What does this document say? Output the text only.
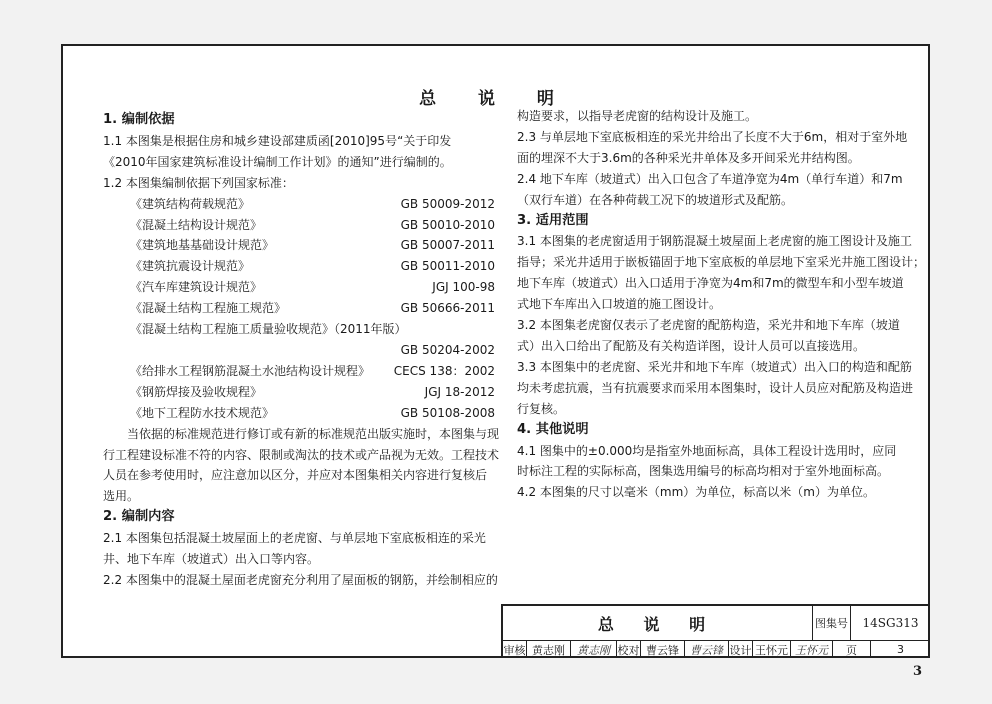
总 说 明
1. 编制依据
1.1 本图集是根据住房和城乡建设部建质函[2010]95号“关于印发
《2010年国家建筑标准设计编制工作计划》的通知”进行编制的。
1.2 本图集编制依据下列国家标准：
《建筑结构荷载规范》	GB 50009-2012
《混凝土结构设计规范》	GB 50010-2010
《建筑地基基础设计规范》	GB 50007-2011
《建筑抗震设计规范》	GB 50011-2010
《汽车库建筑设计规范》	JGJ 100-98
《混凝土结构工程施工规范》	GB 50666-2011
《混凝土结构工程施工质量验收规范》（2011年版）
GB 50204-2002
《给排水工程钢筋混凝土水池结构设计规程》 CECS 138：2002
《钢筋焊接及验收规程》	JGJ 18-2012
《地下工程防水技术规范》	GB 50108-2008
当依据的标准规范进行修订或有新的标准规范出版实施时，本图集与现
行工程建设标准不符的内容、限制或淘汰的技术或产品视为无效。工程技术
人员在参考使用时，应注意加以区分，并应对本图集相关内容进行复核后
选用。
2. 编制内容
2.1 本图集包括混凝土坡屋面上的老虎窗、与单层地下室底板相连的采光
井、地下车库（坡道式）出入口等内容。
2.2 本图集中的混凝土屋面老虎窗充分利用了屋面板的钢筋，并绘制相应的
构造要求，以指导老虎窗的结构设计及施工。
2.3 与单层地下室底板相连的采光井给出了长度不大于6m，相对于室外地
面的埋深不大于3.6m的各种采光井单体及多开间采光井结构图。
2.4 地下车库（坡道式）出入口包含了车道净宽为4m（单行车道）和7m
（双行车道）在各种荷载工况下的坡道形式及配筋。
3. 适用范围
3.1 本图集的老虎窗适用于钢筋混凝土坡屋面上老虎窗的施工图设计及施工
指导；采光井适用于嵌板锚固于地下室底板的单层地下室采光井施工图设计；
地下车库（坡道式）出入口适用于净宽为4m和7m的微型车和小型车坡道
式地下车库出入口坡道的施工图设计。
3.2 本图集老虎窗仅表示了老虎窗的配筋构造，采光井和地下车库（坡道
式）出入口给出了配筋及有关构造详图，设计人员可以直接选用。
3.3 本图集中的老虎窗、采光井和地下车库（坡道式）出入口的构造和配筋
均未考虑抗震，当有抗震要求而采用本图集时，设计人员应对配筋及构造进
行复核。
4. 其他说明
4.1 图集中的±0.000均是指室外地面标高，具体工程设计选用时，应同
时标注工程的实际标高，图集选用编号的标高均相对于室外地面标高。
4.2 本图集的尺寸以毫米（mm）为单位，标高以米（m）为单位。
总 说 明	图集号	14SG313
审核 黄志刚	黄志刚 校对 曹云锋	曹云锋 设计 王怀元 王怀元	页	3
3
